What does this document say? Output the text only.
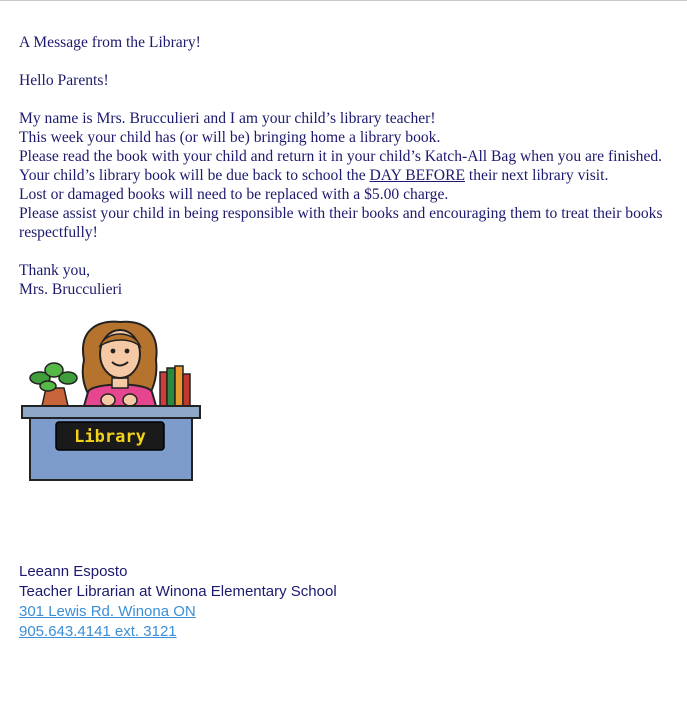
A Message from the Library!

Hello Parents!

My name is Mrs. Brucculieri and I am your child’s library teacher!

This week your child has (or will be) bringing home a library book.

Please read the book with your child and return it in your child’s Katch-All Bag when you are finished.

Your child’s library book will be due back to school the DAY BEFORE their next library visit.

Lost or damaged books will need to be replaced with a $5.00 charge.

Please assist your child in being responsible with their books and encouraging them to treat their books respectfully!

Thank you,

Mrs. Brucculieri

Library

Leeann Esposto

Teacher Librarian at Winona Elementary School

301 Lewis Rd. Winona ON

905.643.4141 ext. 3121
